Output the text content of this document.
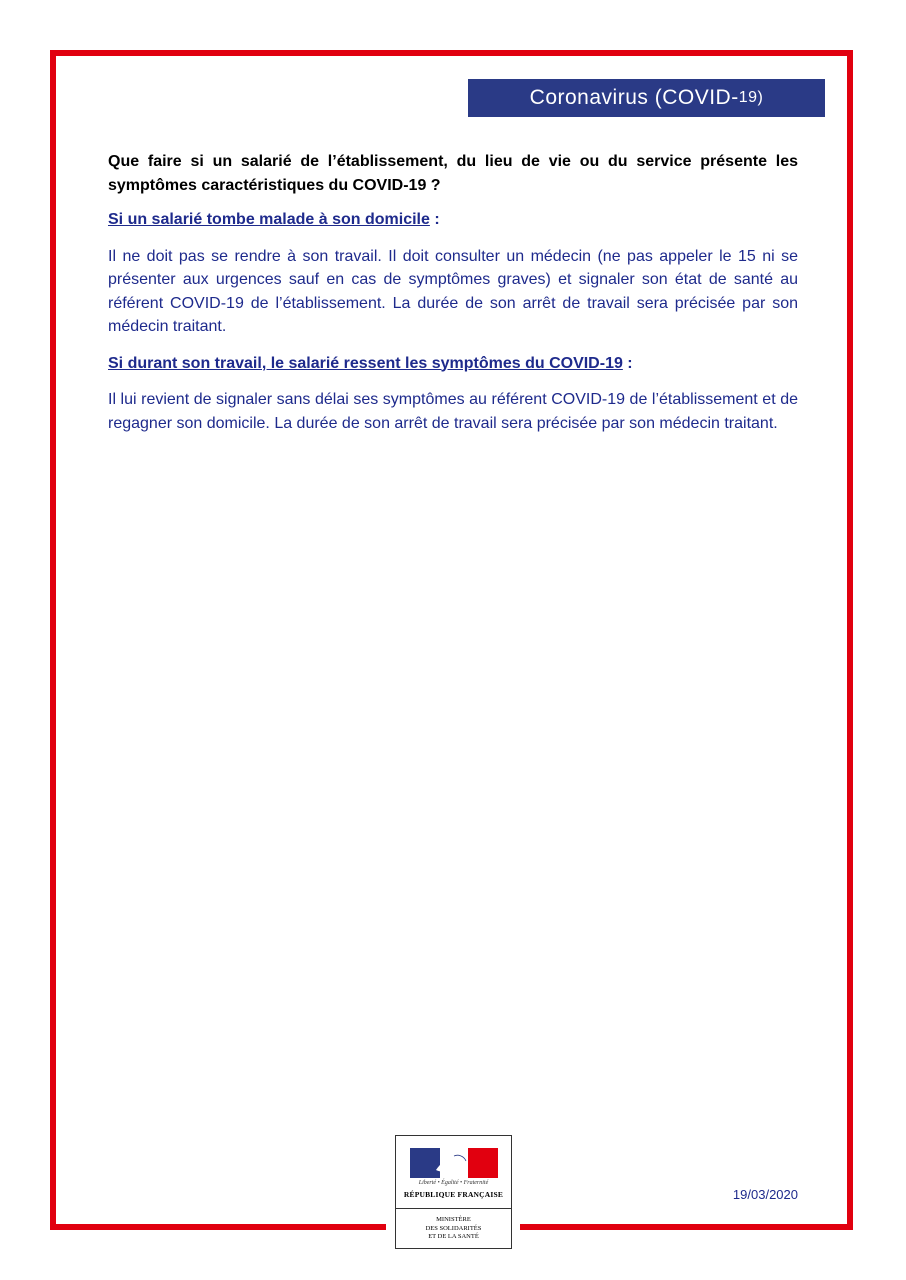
Coronavirus (COVID- 19)

Que faire si un salarié de l’établissement, du lieu de vie ou du service présente les symptômes caractéristiques du COVID-19 ?

Si un salarié tombe malade à son domicile :

Il ne doit pas se rendre à son travail. Il doit consulter un médecin (ne pas appeler le 15 ni se présenter aux urgences sauf en cas de symptômes graves) et signaler son état de santé au référent COVID-19 de l’établissement. La durée de son arrêt de travail sera précisée par son médecin traitant.

Si durant son travail, le salarié ressent les symptômes du COVID-19 :

Il lui revient de signaler sans délai ses symptômes au référent COVID-19 de l’établissement et de regagner son domicile. La durée de son arrêt de travail sera précisée par son médecin traitant.

Liberté • Égalité • Fraternité
RÉPUBLIQUE FRANÇAISE
MINISTÈRE
DES SOLIDARITÉS
ET DE LA SANTÉ
19/03/2020
